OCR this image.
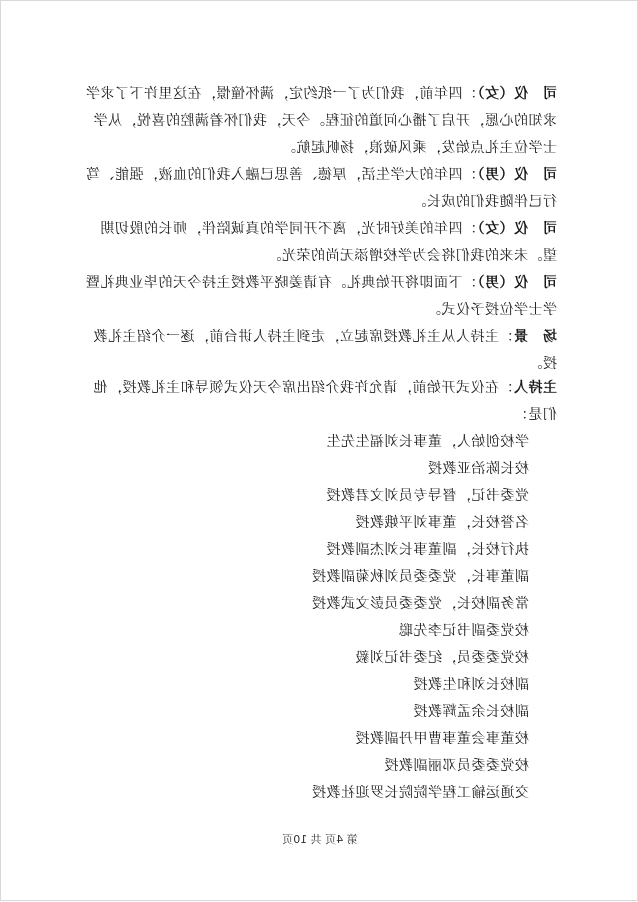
司　仪（女）：四年前，我们为了一纸约定，满怀憧憬，在这里许下了求学求知的心愿，开启了播心问道的征程。今天，我们怀着满腔的喜悦，从学士学位主礼点始发，乘风破浪，扬帆起航。
司　仪（男）：四年的大学生活，厚德、善思已融入我们的血液，强能、笃行已伴随我们的成长。
司　仪（女）：四年的美好时光，离不开同学的真诚陪伴，师长的殷切期望。未来的我们将会为学校增添无尚的荣光。
司　仪（男）：下面即将开始典礼。有请姜晓平教授主持今天的毕业典礼暨学士学位授予仪式。
场　景：主持人从主礼教授席起立，走到主持人讲台前，逐一介绍主礼教授。
主持人：在仪式开始前，请允许我介绍出席今天仪式领导和主礼教授，他们是：
学校创始人，董事长刘福生先生
校长陈治亚教授
党委书记，督导专员刘文君教授
名誉校长，董事刘平娥教授
执行校长，副董事长刘杰副教授
副董事长，党委委员刘秋菊副教授
常务副校长，党委委员彭文武教授
校党委副书记李先聪
校党委委员，纪委书记刘毅
副校长刘和生教授
副校长余孟辉教授
校董事会董事曹甲丹副教授
校党委委员邓丽副教授
交通运输工程学院院长罗迎社教授
第 4页 共 10页
